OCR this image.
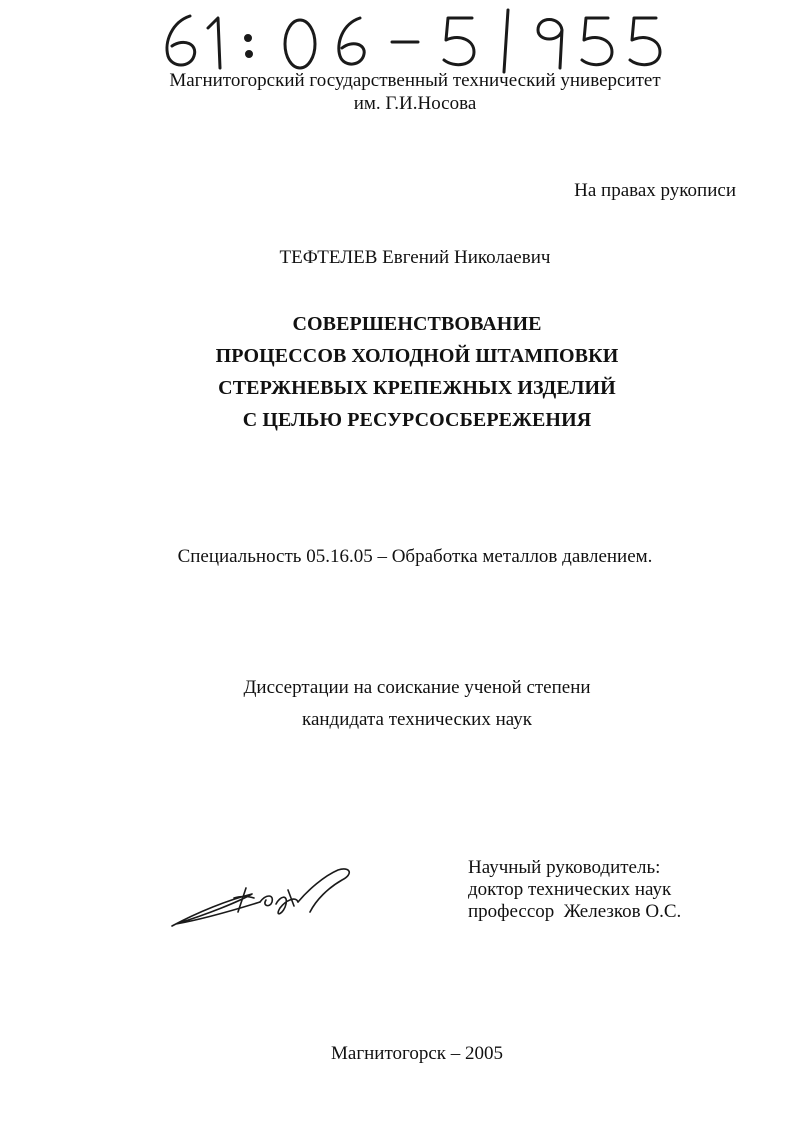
Магнитогорский государственный технический университет
им. Г.И.Носова
На правах рукописи
ТЕФТЕЛЕВ Евгений Николаевич
СОВЕРШЕНСТВОВАНИЕ
ПРОЦЕССОВ ХОЛОДНОЙ ШТАМПОВКИ
СТЕРЖНЕВЫХ КРЕПЕЖНЫХ ИЗДЕЛИЙ
С ЦЕЛЬЮ РЕСУРСОСБЕРЕЖЕНИЯ
Специальность 05.16.05 – Обработка металлов давлением.
Диссертации на соискание ученой степени
кандидата технических наук
Научный руководитель:
доктор технических наук
профессор  Железков О.С.
Магнитогорск – 2005
